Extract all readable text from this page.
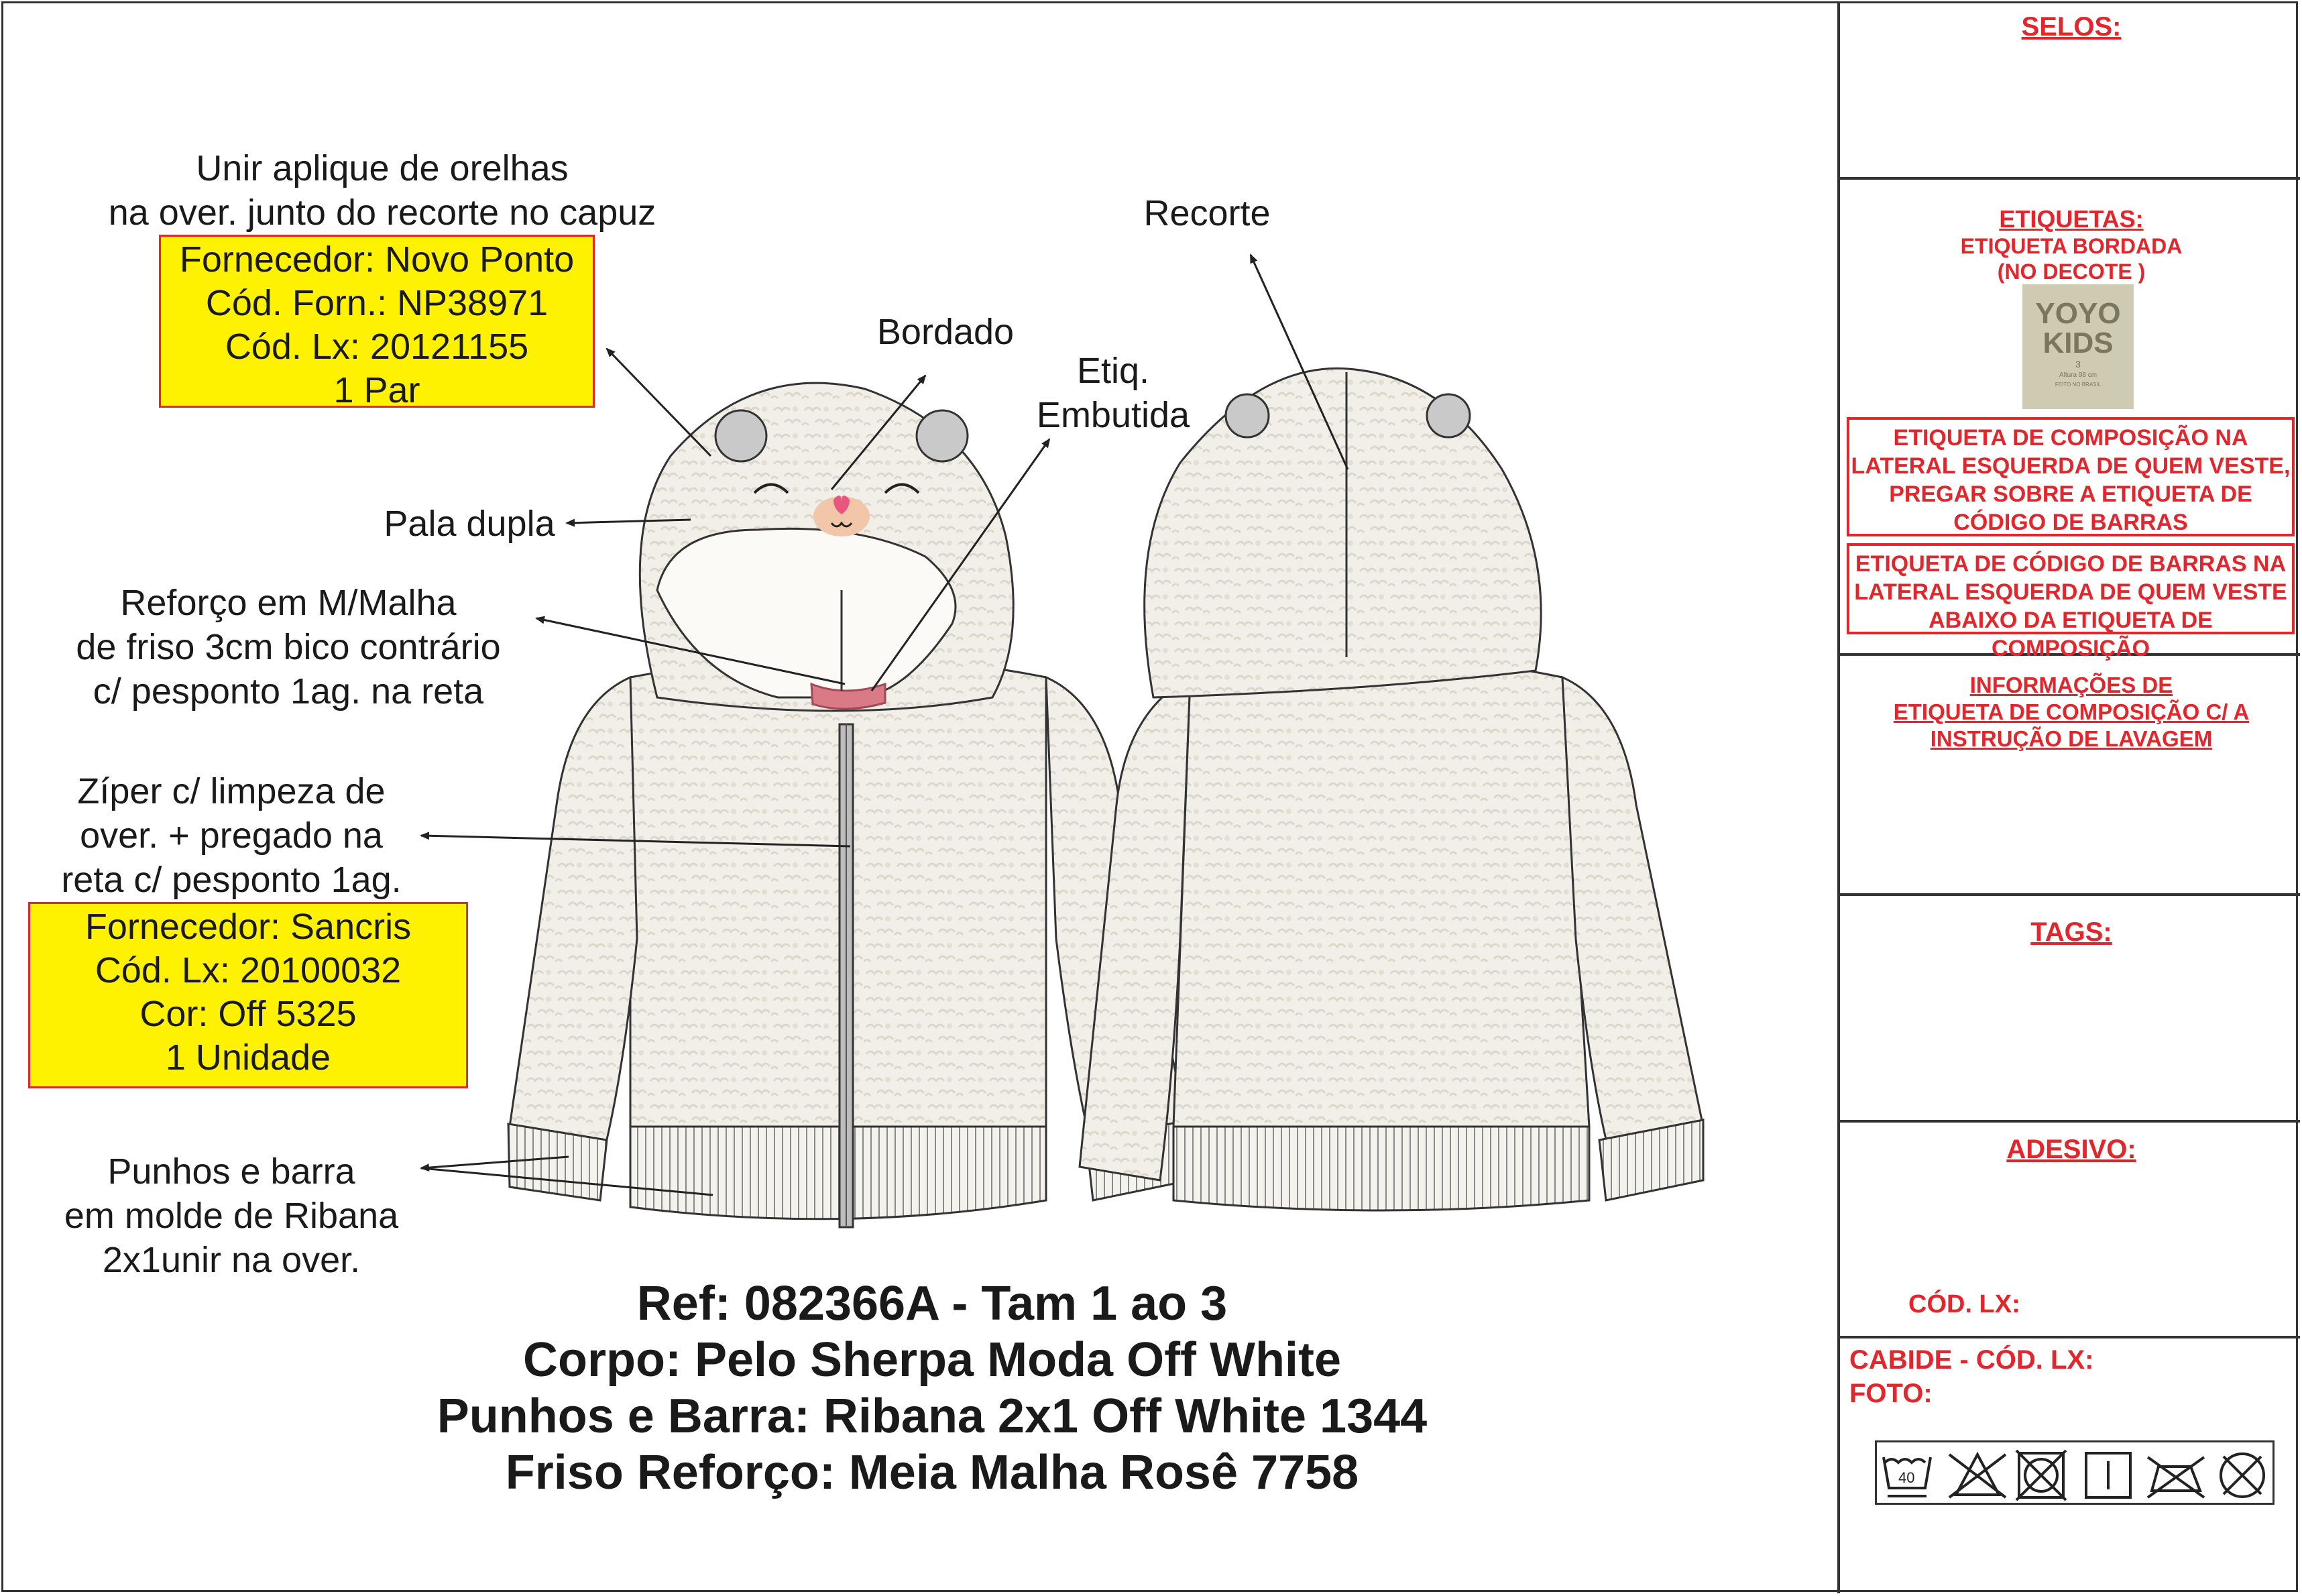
Unir aplique de orelhas
na over. junto do recorte no capuz
Bordado
Recorte
Etiq.
Embutida
Pala dupla
Reforço em M/Malha
de friso 3cm bico contrário
c/ pesponto 1ag. na reta
Zíper c/ limpeza de
over. + pregado na
reta c/ pesponto 1ag.
Punhos e barra
em molde de Ribana
2x1unir na over.
Fornecedor: Novo Ponto
Cód. Forn.: NP38971
Cód. Lx: 20121155
1 Par
Fornecedor: Sancris
Cód. Lx: 20100032
Cor: Off 5325
1 Unidade
Ref: 082366A - Tam 1 ao 3
Corpo: Pelo Sherpa Moda Off White
Punhos e Barra: Ribana 2x1 Off White 1344
Friso Reforço: Meia Malha Rosê 7758
SELOS:
ETIQUETAS:
ETIQUETA BORDADA
(NO DECOTE )
YOYO
KIDS
3
Altura 98 cm
FEITO NO BRASIL
ETIQUETA DE COMPOSIÇÃO NA LATERAL ESQUERDA DE QUEM VESTE, PREGAR SOBRE A ETIQUETA DE CÓDIGO DE BARRAS
ETIQUETA DE CÓDIGO DE BARRAS NA LATERAL ESQUERDA DE QUEM VESTE ABAIXO DA ETIQUETA DE COMPOSIÇÃO
INFORMAÇÕES DE
ETIQUETA DE COMPOSIÇÃO C/ A
INSTRUÇÃO DE LAVAGEM
40
TAGS:
ADESIVO:
CÓD. LX:
CABIDE - CÓD. LX:
FOTO:
